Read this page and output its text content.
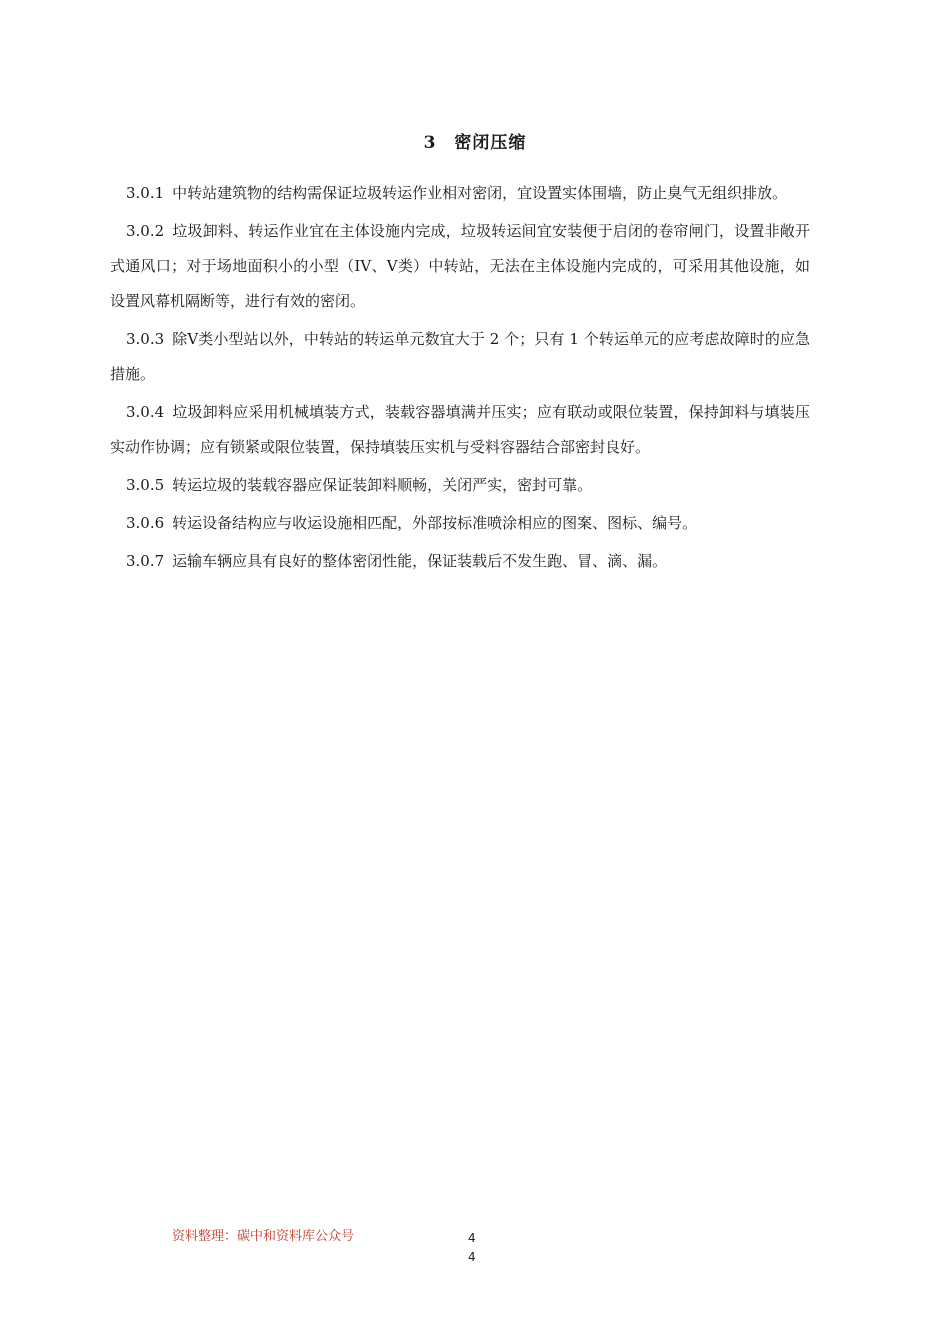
3 密闭压缩

3.0.1 中转站建筑物的结构需保证垃圾转运作业相对密闭，宜设置实体围墙，防止臭气无组织排放。

3.0.2 垃圾卸料、转运作业宜在主体设施内完成，垃圾转运间宜安装便于启闭的卷帘闸门，设置非敞开式通风口；对于场地面积小的小型（IV、V类）中转站，无法在主体设施内完成的，可采用其他设施，如设置风幕机隔断等，进行有效的密闭。

3.0.3 除Ⅴ类小型站以外，中转站的转运单元数宜大于 2 个；只有 1 个转运单元的应考虑故障时的应急措施。

3.0.4 垃圾卸料应采用机械填装方式，装载容器填满并压实；应有联动或限位装置，保持卸料与填装压实动作协调；应有锁紧或限位装置，保持填装压实机与受料容器结合部密封良好。

3.0.5 转运垃圾的装载容器应保证装卸料顺畅，关闭严实，密封可靠。

3.0.6 转运设备结构应与收运设施相匹配，外部按标准喷涂相应的图案、图标、编号。

3.0.7 运输车辆应具有良好的整体密闭性能，保证装载后不发生跑、冒、滴、漏。

资料整理：碳中和资料库公众号	4
4
